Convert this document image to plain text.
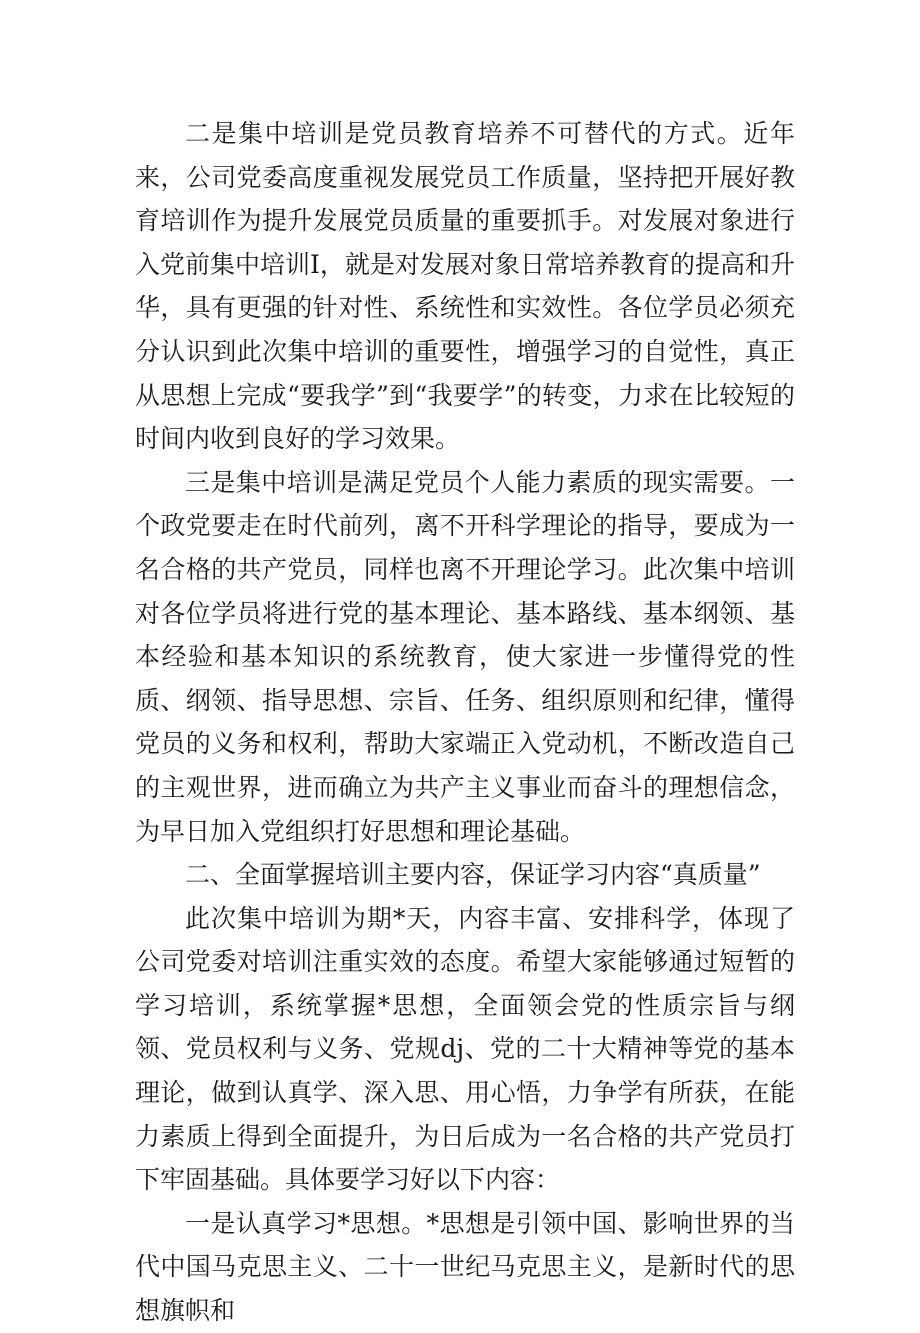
二是集中培训是党员教育培养不可替代的方式。近年来，公司党委高度重视发展党员工作质量，坚持把开展好教育培训作为提升发展党员质量的重要抓手。对发展对象进行入党前集中培训I，就是对发展对象日常培养教育的提高和升华，具有更强的针对性、系统性和实效性。各位学员必须充分认识到此次集中培训的重要性，增强学习的自觉性，真正从思想上完成“要我学”到“我要学”的转变，力求在比较短的时间内收到良好的学习效果。

三是集中培训是满足党员个人能力素质的现实需要。一个政党要走在时代前列，离不开科学理论的指导，要成为一名合格的共产党员，同样也离不开理论学习。此次集中培训对各位学员将进行党的基本理论、基本路线、基本纲领、基本经验和基本知识的系统教育，使大家进一步懂得党的性质、纲领、指导思想、宗旨、任务、组织原则和纪律，懂得党员的义务和权利，帮助大家端正入党动机，不断改造自己的主观世界，进而确立为共产主义事业而奋斗的理想信念，为早日加入党组织打好思想和理论基础。

二、全面掌握培训主要内容，保证学习内容“真质量”

此次集中培训为期*天，内容丰富、安排科学，体现了公司党委对培训注重实效的态度。希望大家能够通过短暂的学习培训，系统掌握*思想，全面领会党的性质宗旨与纲领、党员权利与义务、党规dj、党的二十大精神等党的基本理论，做到认真学、深入思、用心悟，力争学有所获，在能力素质上得到全面提升，为日后成为一名合格的共产党员打下牢固基础。具体要学习好以下内容：

一是认真学习*思想。*思想是引领中国、影响世界的当代中国马克思主义、二十一世纪马克思主义，是新时代的思想旗帜和
